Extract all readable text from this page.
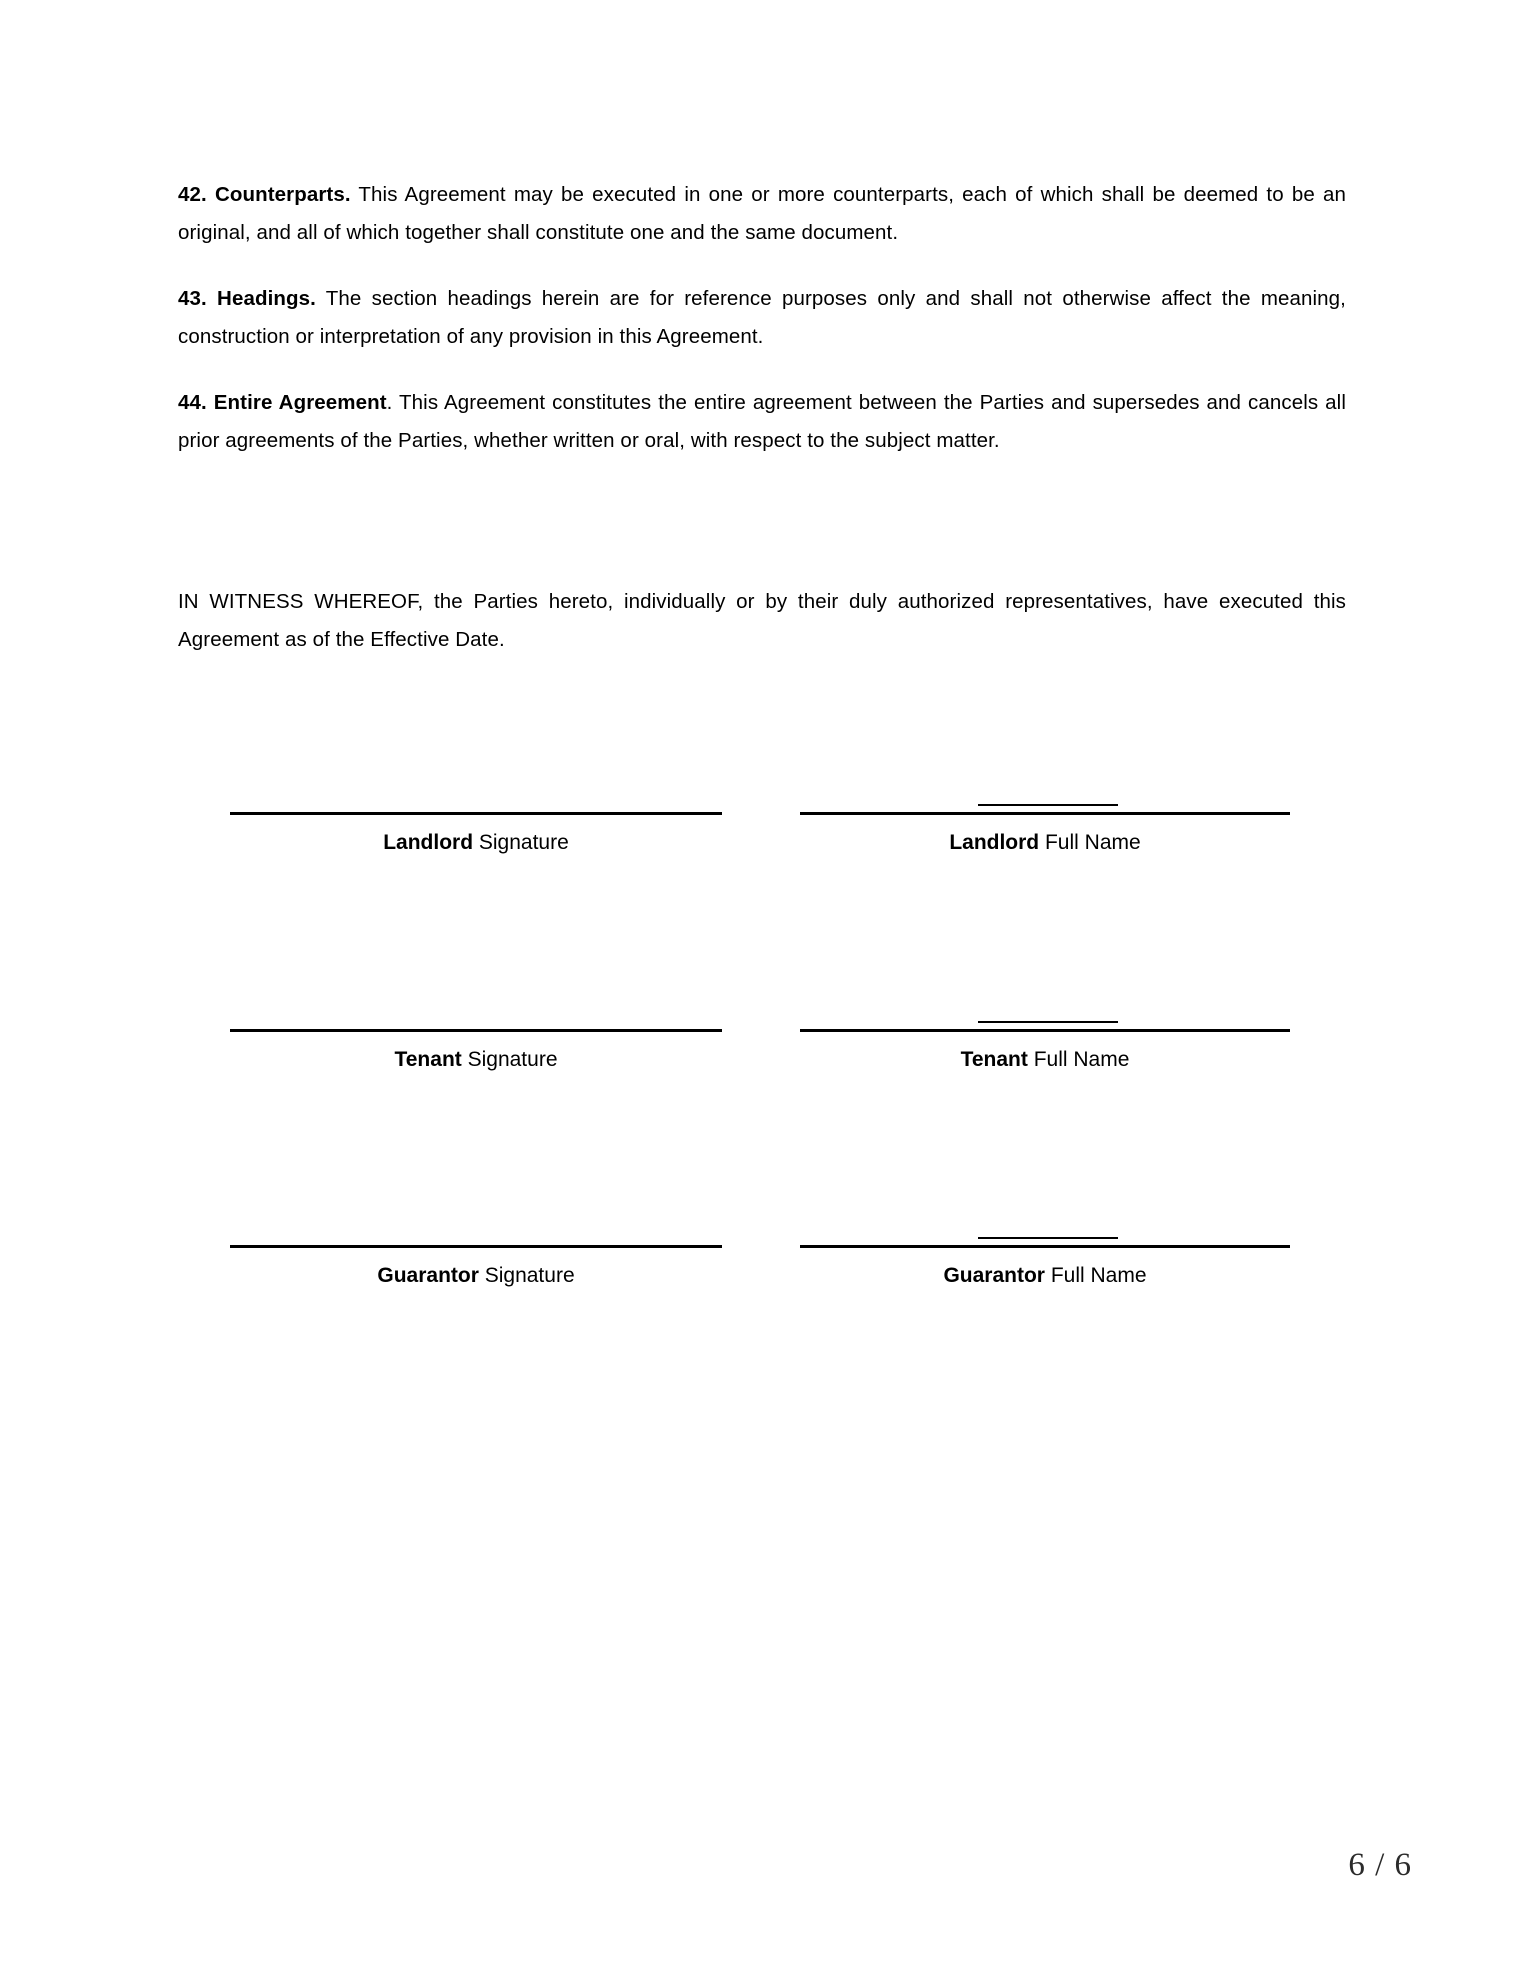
42. Counterparts. This Agreement may be executed in one or more counterparts, each of which shall be deemed to be an original, and all of which together shall constitute one and the same document.

43. Headings. The section headings herein are for reference purposes only and shall not otherwise affect the meaning, construction or interpretation of any provision in this Agreement.

44. Entire Agreement. This Agreement constitutes the entire agreement between the Parties and supersedes and cancels all prior agreements of the Parties, whether written or oral, with respect to the subject matter.

IN WITNESS WHEREOF, the Parties hereto, individually or by their duly authorized representatives, have executed this Agreement as of the Effective Date.

Landlord Signature	Landlord Full Name
Tenant Signature	Tenant Full Name
Guarantor Signature	Guarantor Full Name
6 / 6
